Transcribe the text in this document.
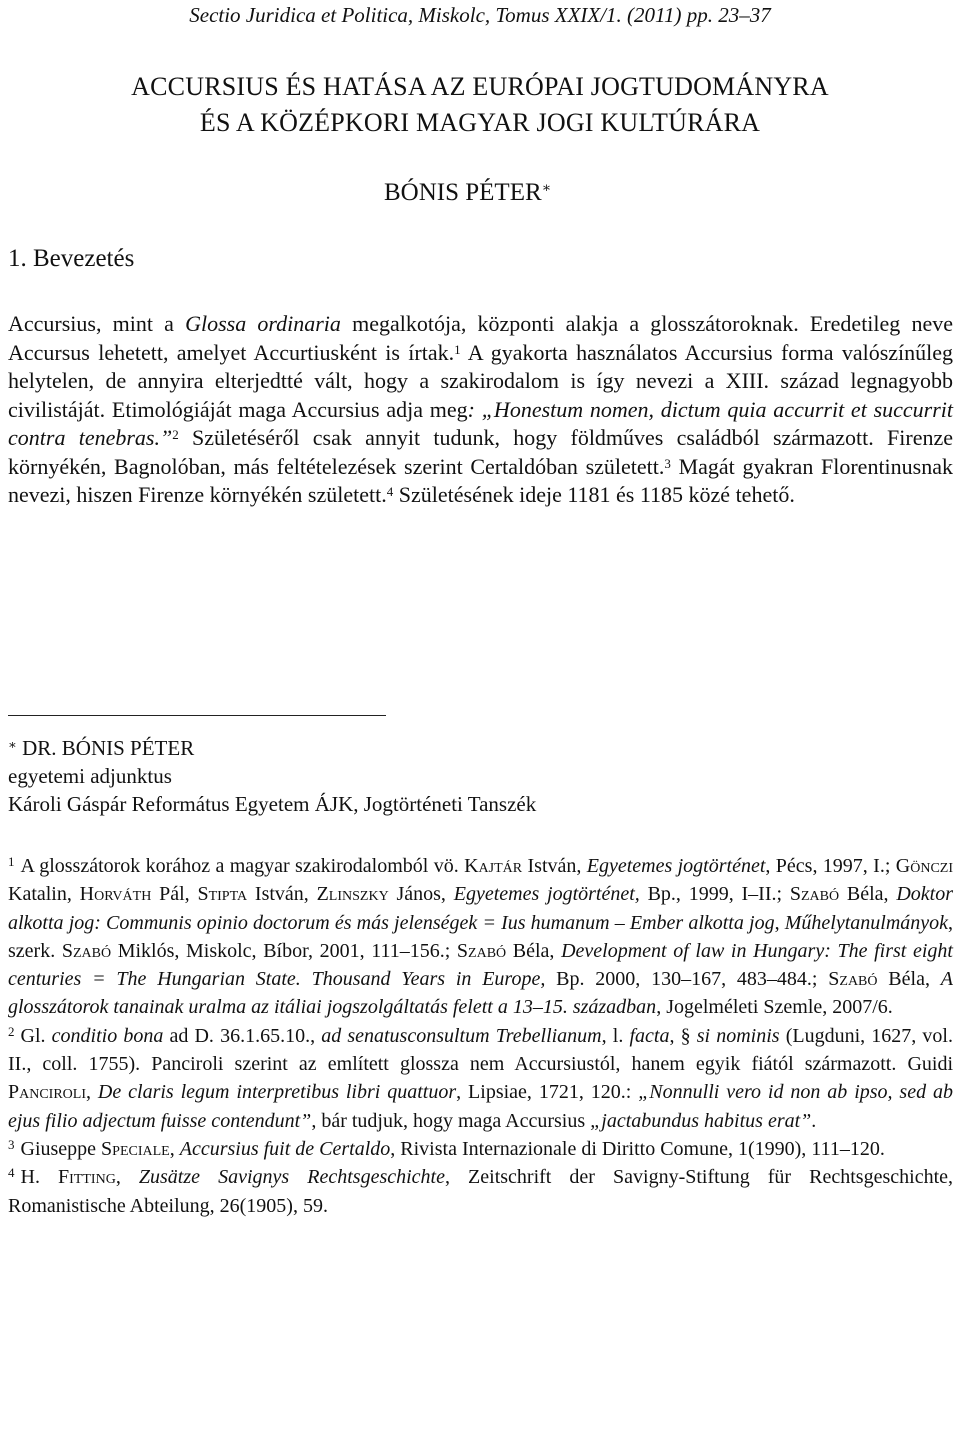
Sectio Juridica et Politica, Miskolc, Tomus XXIX/1. (2011) pp. 23–37
ACCURSIUS ÉS HATÁSA AZ EURÓPAI JOGTUDOMÁNYRA
ÉS A KÖZÉPKORI MAGYAR JOGI KULTÚRÁRA
BÓNIS PÉTER∗
1. Bevezetés

Accursius, mint a Glossa ordinaria megalkotója, központi alakja a glosszátoroknak. Eredetileg neve Accursus lehetett, amelyet Accurtiusként is írtak.$^1$ A gyakorta használatos Accursius forma valószínűleg helytelen, de annyira elterjedtté vált, hogy a szakirodalom is így nevezi a XIII. század legnagyobb civilistáját. Etimológiáját maga Accursius adja meg: „Honestum nomen, dictum quia accurrit et succurrit contra tenebras.”$^2$ Születéséről csak annyit tudunk, hogy földműves családból származott. Firenze környékén, Bagnolóban, más feltételezések szerint Certaldóban született.$^3$ Magát gyakran Florentinusnak nevezi, hiszen Firenze környékén született.$^4$ Születésének ideje 1181 és 1185 közé tehető.

∗ DR. BÓNIS PÉTER
egyetemi adjunktus
Károli Gáspár Református Egyetem ÁJK, Jogtörténeti Tanszék

$^1$ A glosszátorok korához a magyar szakirodalomból vö. Kajtár István, Egyetemes jogtörténet, Pécs, 1997, I.; Gönczi Katalin, Horváth Pál, Stipta István, Zlinszky János, Egyetemes jogtörténet, Bp., 1999, I–II.; Szabó Béla, Doktor alkotta jog: Communis opinio doctorum és más jelenségek = Ius humanum – Ember alkotta jog, Műhelytanulmányok, szerk. Szabó Miklós, Miskolc, Bíbor, 2001, 111–156.; Szabó Béla, Development of law in Hungary: The first eight centuries = The Hungarian State. Thousand Years in Europe, Bp. 2000, 130–167, 483–484.; Szabó Béla, A glosszátorok tanainak uralma az itáliai jogszolgáltatás felett a 13–15. században, Jogelméleti Szemle, 2007/6.

$^2$ Gl. conditio bona ad D. 36.1.65.10., ad senatusconsultum Trebellianum, l. facta, § si nominis (Lugduni, 1627, vol. II., coll. 1755). Panciroli szerint az említett glossza nem Accursiustól, hanem egyik fiától származott. Guidi Panciroli, De claris legum interpretibus libri quattuor, Lipsiae, 1721, 120.: „Nonnulli vero id non ab ipso, sed ab ejus filio adjectum fuisse contendunt”, bár tudjuk, hogy maga Accursius „jactabundus habitus erat”.

$^3$ Giuseppe Speciale, Accursius fuit de Certaldo, Rivista Internazionale di Diritto Comune, 1(1990), 111–120.

$^4$ H. Fitting, Zusätze Savignys Rechtsgeschichte, Zeitschrift der Savigny-Stiftung für Rechtsgeschichte, Romanistische Abteilung, 26(1905), 59.
